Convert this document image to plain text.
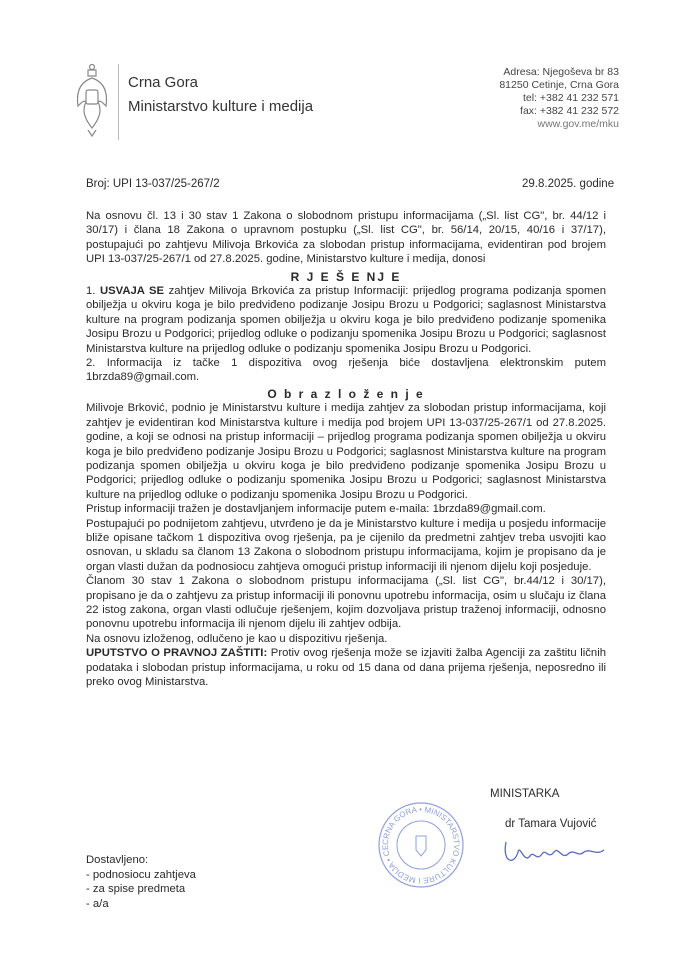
Crna Gora
Ministarstvo kulture i medija
Adresa: Njegoševa br 83
81250 Cetinje, Crna Gora
tel: +382 41 232 571
fax: +382 41 232 572
www.gov.me/mku
Broj: UPI 13-037/25-267/2	29.8.2025. godine

Na osnovu čl. 13 i 30 stav 1 Zakona o slobodnom pristupu informacijama („Sl. list CG", br. 44/12 i 30/17) i člana 18 Zakona o upravnom postupku („Sl. list CG", br. 56/14, 20/15, 40/16 i 37/17), postupajući po zahtjevu Milivoja Brkovića za slobodan pristup informacijama, evidentiran pod brojem UPI 13-037/25-267/1 od 27.8.2025. godine, Ministarstvo kulture i medija, donosi

R J E Š E NJ E

1. USVAJA SE zahtjev Milivoja Brkovića za pristup Informaciji: prijedlog programa podizanja spomen obilježja u okviru koga je bilo predviđeno podizanje Josipu Brozu u Podgorici; saglasnost Ministarstva kulture na program podizanja spomen obilježja u okviru koga je bilo predviđeno podizanje spomenika Josipu Brozu u Podgorici; prijedlog odluke o podizanju spomenika Josipu Brozu u Podgorici; saglasnost Ministarstva kulture na prijedlog odluke o podizanju spomenika Josipu Brozu u Podgorici.

2. Informacija iz tačke 1 dispozitiva ovog rješenja biće dostavljena elektronskim putem 1brzda89@gmail.com.

O b r a z l o ž e n j e

Milivoje Brković, podnio je Ministarstvu kulture i medija zahtjev za slobodan pristup informacijama, koji zahtjev je evidentiran kod Ministarstva kulture i medija pod brojem UPI 13-037/25-267/1 od 27.8.2025. godine, a koji se odnosi na pristup informaciji – prijedlog programa podizanja spomen obilježja u okviru koga je bilo predviđeno podizanje Josipu Brozu u Podgorici; saglasnost Ministarstva kulture na program podizanja spomen obilježja u okviru koga je bilo predviđeno podizanje spomenika Josipu Brozu u Podgorici; prijedlog odluke o podizanju spomenika Josipu Brozu u Podgorici; saglasnost Ministarstva kulture na prijedlog odluke o podizanju spomenika Josipu Brozu u Podgorici.

Pristup informaciji tražen je dostavljanjem informacije putem e-maila: 1brzda89@gmail.com.

Postupajući po podnijetom zahtjevu, utvrđeno je da je Ministarstvo kulture i medija u posjedu informacije bliže opisane tačkom 1 dispozitiva ovog rješenja, pa je cijenilo da predmetni zahtjev treba usvojiti kao osnovan, u skladu sa članom 13 Zakona o slobodnom pristupu informacijama, kojim je propisano da je organ vlasti dužan da podnosiocu zahtjeva omogući pristup informaciji ili njenom dijelu koji posjeduje.

Članom 30 stav 1 Zakona o slobodnom pristupu informacijama („Sl. list CG", br.44/12 i 30/17), propisano je da o zahtjevu za pristup informaciji ili ponovnu upotrebu informacija, osim u slučaju iz člana 22 istog zakona, organ vlasti odlučuje rješenjem, kojim dozvoljava pristup traženoj informaciji, odnosno ponovnu upotrebu informacija ili njenom dijelu ili zahtjev odbija.

Na osnovu izloženog, odlučeno je kao u dispozitivu rješenja.

UPUTSTVO O PRAVNOJ ZAŠTITI: Protiv ovog rješenja može se izjaviti žalba Agenciji za zaštitu ličnih podataka i slobodan pristup informacijama, u roku od 15 dana od dana prijema rješenja, neposredno ili preko ovog Ministarstva.

MINISTARKA
dr Tamara Vujović
CRNA GORA • MINISTARSTVO KULTURE I MEDIJA • CE
Dostavljeno:
- podnosiocu zahtjeva
- za spise predmeta
- a/a
